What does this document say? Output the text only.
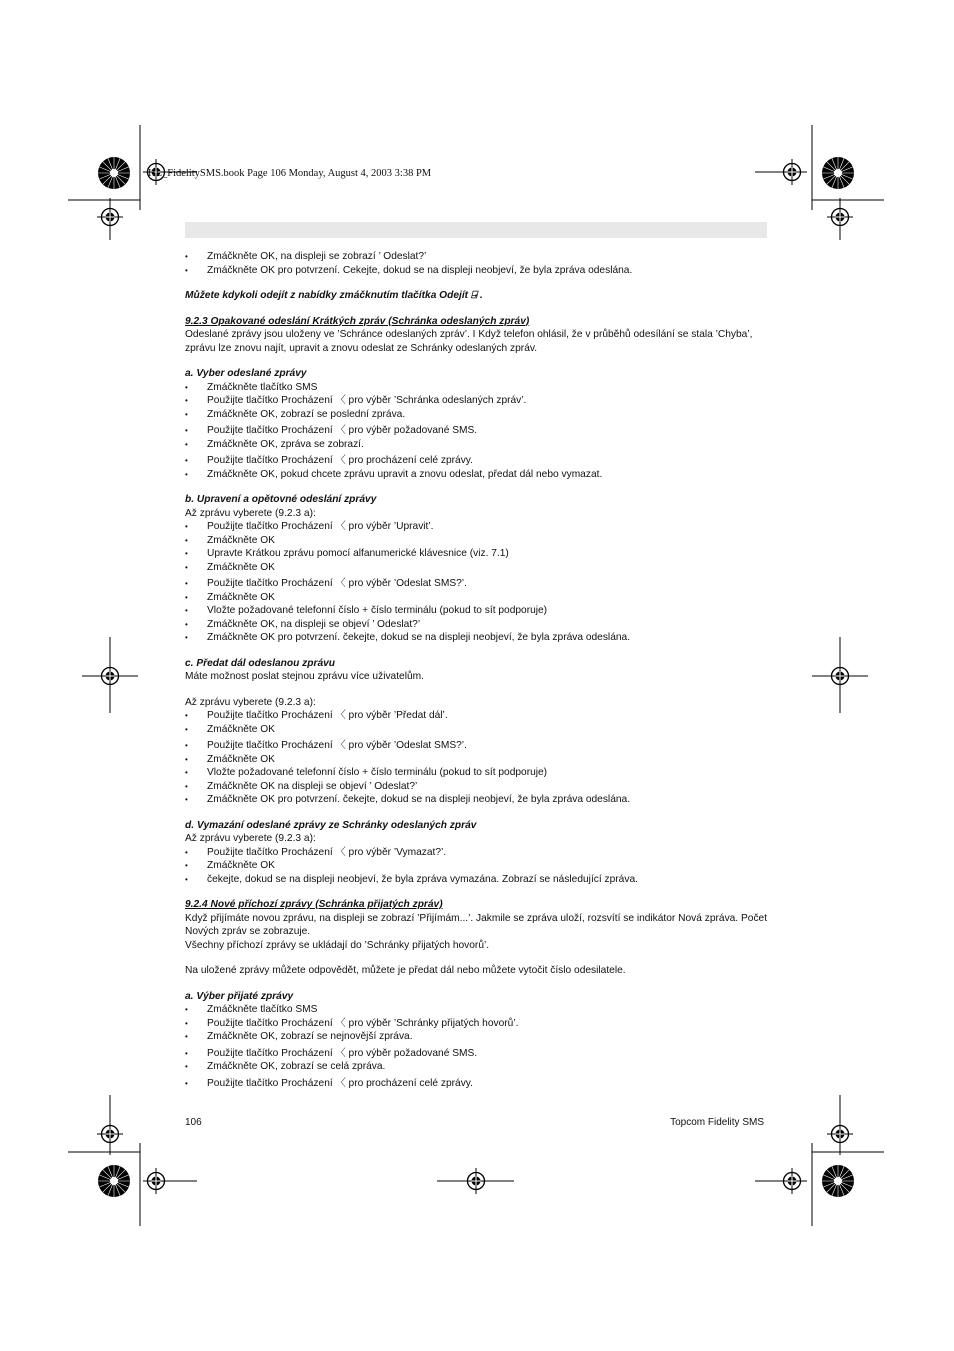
HL_FidelitySMS.book Page 106 Monday, August 4, 2003 3:38 PM

• Zmáčkněte OK, na displeji se zobrazí ’ Odeslat?’

• Zmáčkněte OK pro potvrzení. Cekejte, dokud se na displeji neobjeví, že byla zpráva odeslána.

Můžete kdykoli odejít z nabídky zmáčknutím tlačítka Odejít ⍈ .

9.2.3 Opakované odeslání Krátkých zpráv (Schránka odeslaných zpráv)

Odeslané zprávy jsou uloženy ve ’Schránce odeslaných zpráv’. I Když telefon ohlásil, že v průběhů odesílání se stala ’Chyba’, zprávu lze znovu najít, upravit a znovu odeslat ze Schránky odeslaných zpráv.

a. Vyber odeslané zprávy

• Zmáčkněte tlačítko SMS

• Použijte tlačítko Procházení 〈 pro výběr ’Schránka odeslaných zpráv’.

• Zmáčkněte OK, zobrazí se poslední zpráva.

• Použijte tlačítko Procházení 〈 pro výběr požadované SMS.

• Zmáčkněte OK, zpráva se zobrazí.

• Použijte tlačítko Procházení 〈 pro procházení celé zprávy.

• Zmáčkněte OK, pokud chcete zprávu upravit a znovu odeslat, předat dál nebo vymazat.

b. Upravení a opětovné odeslání zprávy

Až zprávu vyberete (9.2.3 a):

• Použijte tlačítko Procházení 〈 pro výběr ’Upravit’.

• Zmáčkněte OK

• Upravte Krátkou zprávu pomocí alfanumerické klávesnice (viz. 7.1)

• Zmáčkněte OK

• Použijte tlačítko Procházení 〈 pro výběr ’Odeslat SMS?’.

• Zmáčkněte OK

• Vložte požadované telefonní číslo + číslo terminálu (pokud to sít podporuje)

• Zmáčkněte OK, na displeji se objeví ’ Odeslat?’

• Zmáčkněte OK pro potvrzení. čekejte, dokud se na displeji neobjeví, že byla zpráva odeslána.

c. Předat dál odeslanou zprávu

Máte možnost poslat stejnou zprávu více uživatelům.

Až zprávu vyberete (9.2.3 a):

• Použijte tlačítko Procházení 〈 pro výběr ’Předat dál’.

• Zmáčkněte OK

• Použijte tlačítko Procházení 〈 pro výběr ’Odeslat SMS?’.

• Zmáčkněte OK

• Vložte požadované telefonní číslo + číslo terminálu (pokud to sít podporuje)

• Zmáčkněte OK na displeji se objeví ’ Odeslat?’

• Zmáčkněte OK pro potvrzení. čekejte, dokud se na displeji neobjeví, že byla zpráva odeslána.

d. Vymazání odeslané zprávy ze Schránky odeslaných zpráv

Až zprávu vyberete (9.2.3 a):

• Použijte tlačítko Procházení 〈 pro výběr ’Vymazat?’.

• Zmáčkněte OK

• čekejte, dokud se na displeji neobjeví, že byla zpráva vymazána. Zobrazí se následující zpráva.

9.2.4 Nové příchozí zprávy (Schránka přijatých zpráv)

Když přijímáte novou zprávu, na displeji se zobrazí ’Přijímám...’. Jakmile se zpráva uloží, rozsvítí se indikátor Nová zpráva. Počet Nových zpráv se zobrazuje.

Všechny příchozí zprávy se ukládají do ’Schránky přijatých hovorů’.

Na uložené zprávy můžete odpovědět, můžete je předat dál nebo můžete vytočit číslo odesilatele.

a. Výber přijaté zprávy

• Zmáčkněte tlačítko SMS

• Použijte tlačítko Procházení 〈 pro výběr ’Schránky přijatých hovorů’.

• Zmáčkněte OK, zobrazí se nejnovější zpráva.

• Použijte tlačítko Procházení 〈 pro výběr požadované SMS.

• Zmáčkněte OK, zobrazí se celá zpráva.

• Použijte tlačítko Procházení 〈 pro procházení celé zprávy.

106	Topcom Fidelity SMS
